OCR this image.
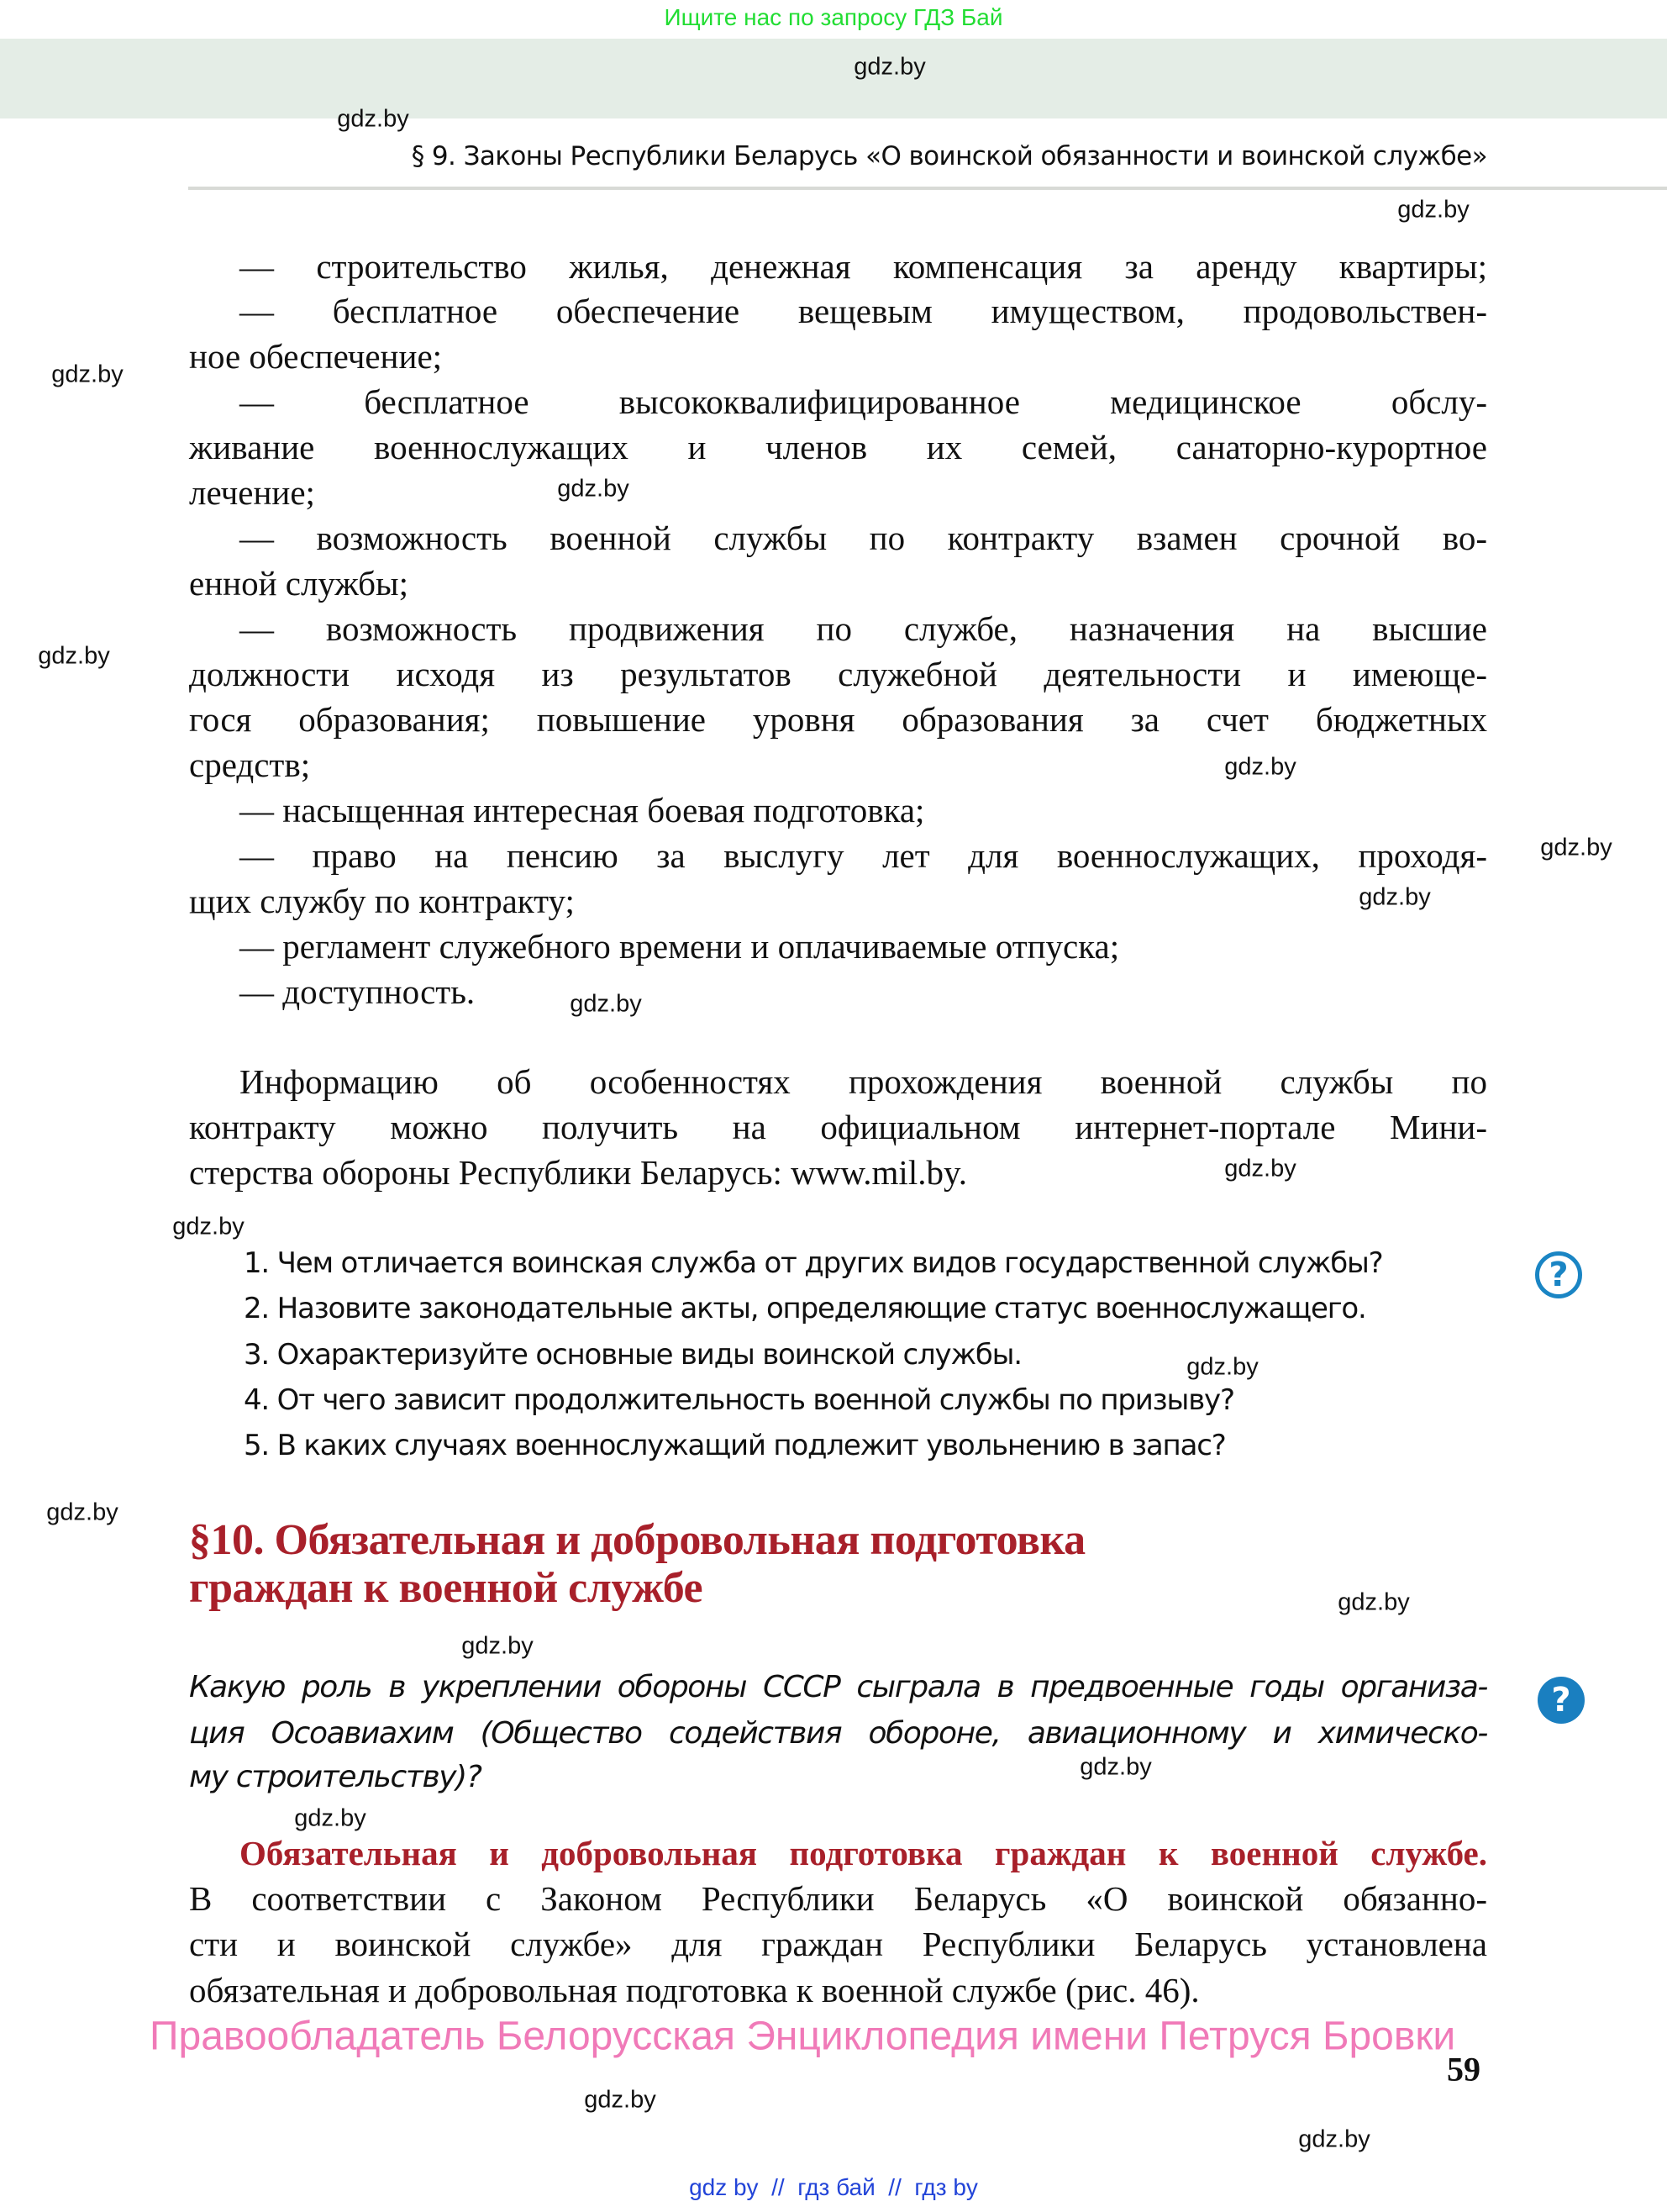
Ищите нас по запросу ГДЗ Бай
§ 9. Законы Республики Беларусь «О воинской обязанности и воинской службе»
gdz.by
gdz.by
gdz.by
gdz.by
gdz.by
gdz.by
gdz.by
gdz.by
gdz.by
gdz.by
gdz.by
gdz.by
gdz.by
gdz.by
gdz.by
gdz.by
gdz.by
gdz.by
gdz.by
gdz.by
— строительство жилья, денежная компенсация за аренду квартиры;
— бесплатное обеспечение вещевым имуществом, продовольствен-
ное обеспечение;
— бесплатное высококвалифицированное медицинское обслу-
живание военнослужащих и членов их семей, санаторно-курортное
лечение;
— возможность военной службы по контракту взамен срочной во-
енной службы;
— возможность продвижения по службе, назначения на высшие
должности исходя из результатов служебной деятельности и имеюще-
гося образования; повышение уровня образования за счет бюджетных
средств;
— насыщенная интересная боевая подготовка;
— право на пенсию за выслугу лет для военнослужащих, проходя-
щих службу по контракту;
— регламент служебного времени и оплачиваемые отпуска;
— доступность.
Информацию об особенностях прохождения военной службы по
контракту можно получить на официальном интернет-портале Мини-
стерства обороны Республики Беларусь: www.mil.by.
1. Чем отличается воинская служба от других видов государственной службы?
2. Назовите законодательные акты, определяющие статус военнослужащего.
3. Охарактеризуйте основные виды воинской службы.
4. От чего зависит продолжительность военной службы по призыву?
5. В каких случаях военнослужащий подлежит увольнению в запас?
?
§10. Обязательная и добровольная подготовка
граждан к военной службе
Какую роль в укреплении обороны СССР сыграла в предвоенные годы организа-
ция Осоавиахим (Общество содействия обороне, авиационному и химическо-
му строительству)?
?
Обязательная и добровольная подготовка граждан к военной службе.
В соответствии с Законом Республики Беларусь «О воинской обязанно-
сти и воинской службе» для граждан Республики Беларусь установлена
обязательная и добровольная подготовка к военной службе (рис. 46).
Правообладатель Белорусская Энциклопедия имени Петруся Бровки
59
gdz by  //  гдз бай  //  гдз by
